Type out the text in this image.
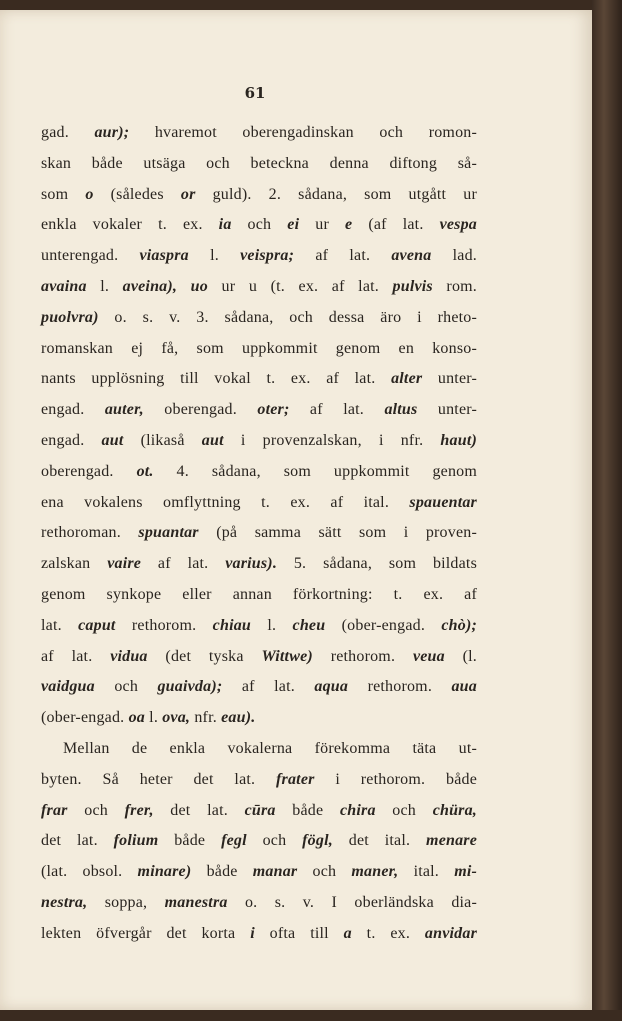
61
gad. aur); hvaremot oberengadinskan och romon-
skan både utsäga och beteckna denna diftong så-
som o (således or guld). 2. sådana, som utgått ur
enkla vokaler t. ex. ia och ei ur e (af lat. vespa
unterengad. viaspra l. veispra; af lat. avena lad.
avaina l. aveina), uo ur u (t. ex. af lat. pulvis rom.
puolvra) o. s. v. 3. sådana, och dessa äro i rheto-
romanskan ej få, som uppkommit genom en konso-
nants upplösning till vokal t. ex. af lat. alter unter-
engad. auter, oberengad. oter; af lat. altus unter-
engad. aut (likaså aut i provenzalskan, i nfr. haut)
oberengad. ot. 4. sådana, som uppkommit genom
ena vokalens omflyttning t. ex. af ital. spauentar
rethoroman. spuantar (på samma sätt som i proven-
zalskan vaire af lat. varius). 5. sådana, som bildats
genom synkope eller annan förkortning: t. ex. af
lat. caput rethorom. chiau l. cheu (ober-engad. chò);
af lat. vidua (det tyska Wittwe) rethorom. veua (l.
vaidgua och guaivda); af lat. aqua rethorom. aua
(ober-engad. oa l. ova, nfr. eau).
Mellan de enkla vokalerna förekomma täta ut-
byten. Så heter det lat. frater i rethorom. både
frar och frer, det lat. cūra både chira och chüra,
det lat. folium både fegl och fögl, det ital. menare
(lat. obsol. minare) både manar och maner, ital. mi-
nestra, soppa, manestra o. s. v. I oberländska dia-
lekten öfvergår det korta i ofta till a t. ex. anvidar
